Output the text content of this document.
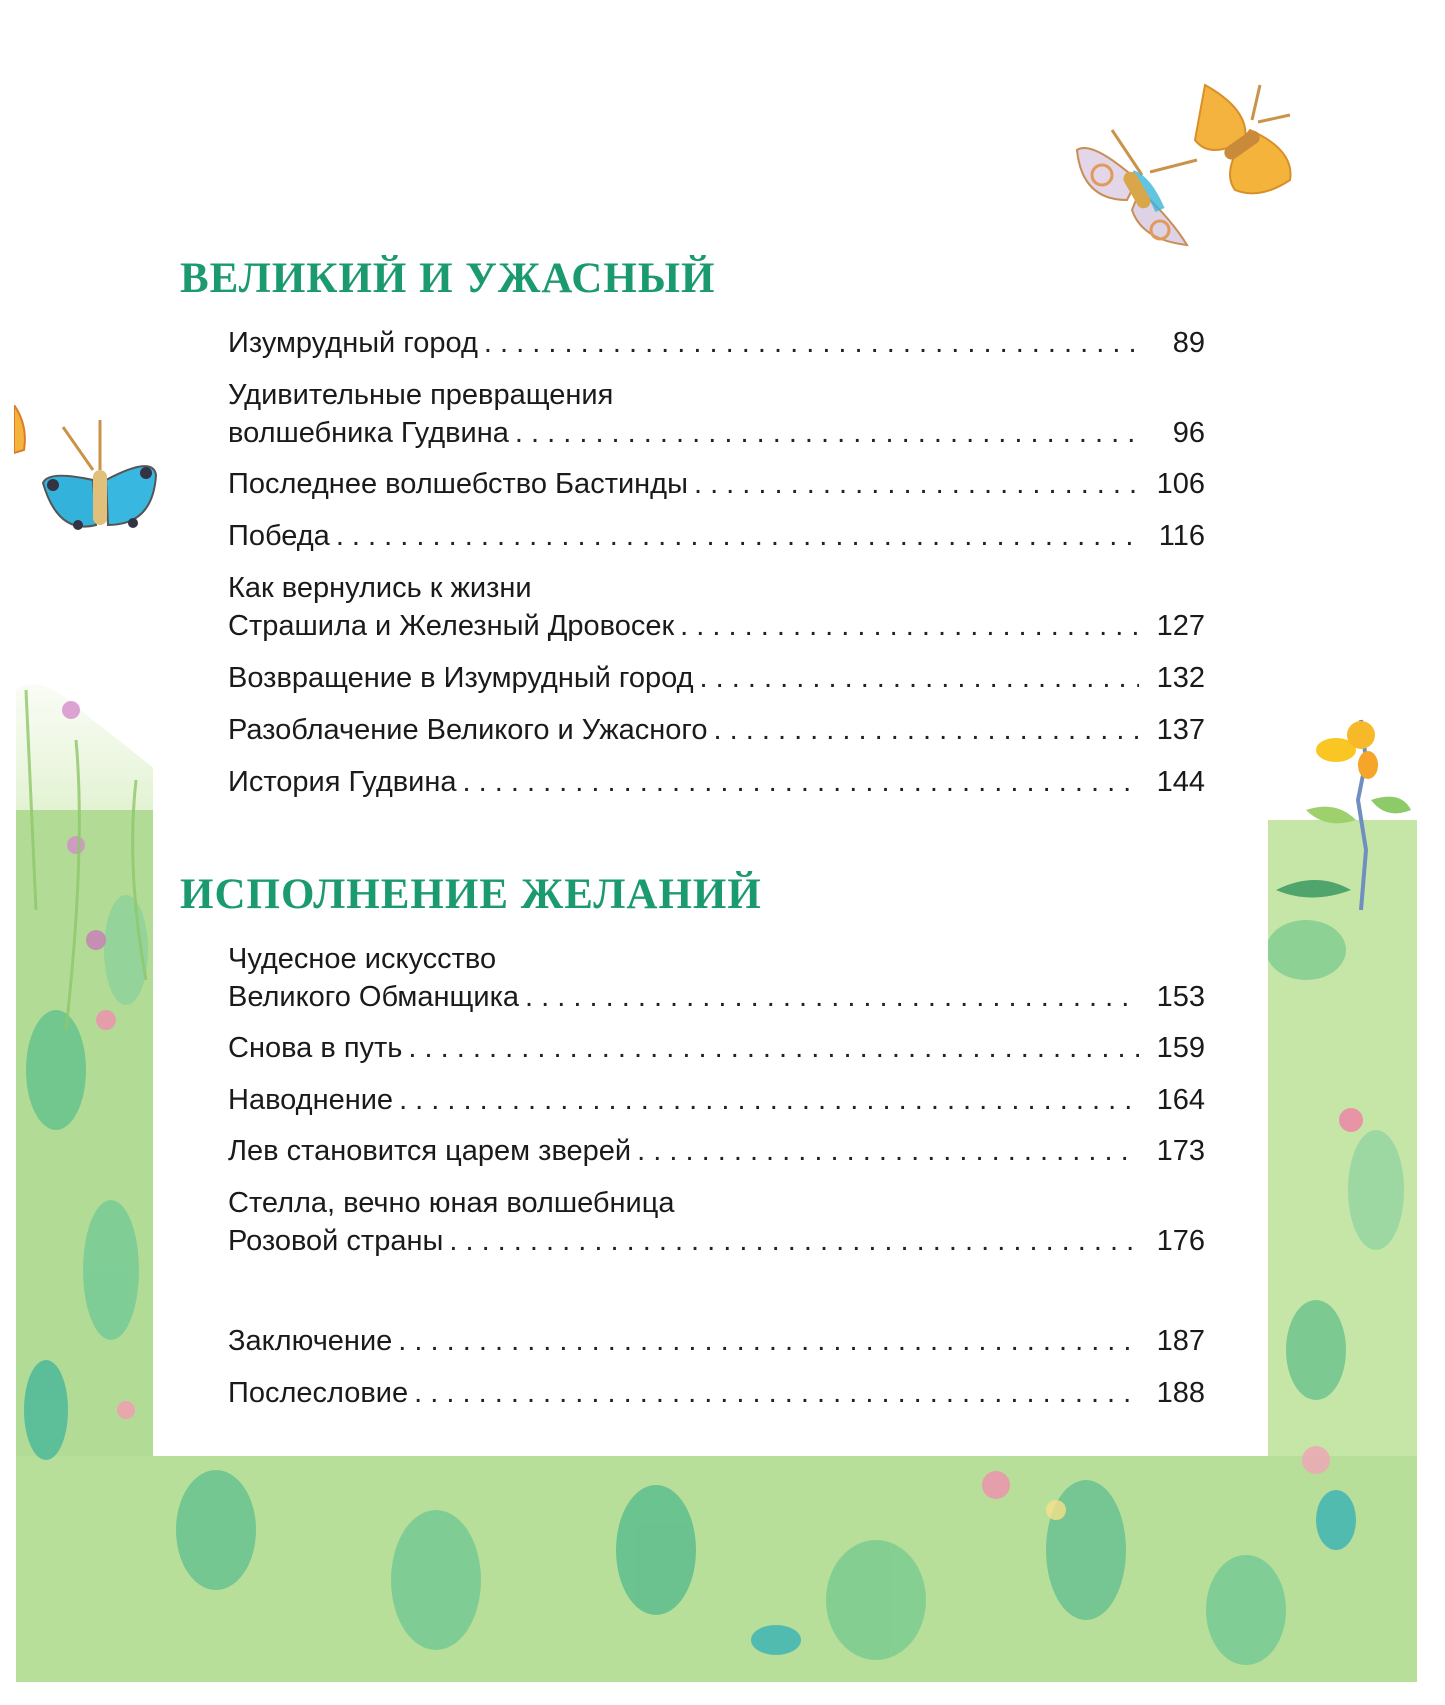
ВЕЛИКИЙ И УЖАСНЫЙ
Изумрудный город . . .	89
Удивительные превращения
волшебника Гудвина . . .	96
Последнее волшебство Бастинды . . .	106
Победа . . .	116
Как вернулись к жизни
Страшила и Железный Дровосек . . .	127
Возвращение в Изумрудный город . . .	132
Разоблачение Великого и Ужасного . . .	137
История Гудвина . . .	144
ИСПОЛНЕНИЕ ЖЕЛАНИЙ
Чудесное искусство
Великого Обманщика . . .	153
Снова в путь . . .	159
Наводнение . . .	164
Лев становится царем зверей . . .	173
Стелла, вечно юная волшебница
Розовой страны . . .	176
Заключение . . .	187
Послесловие . . .	188
